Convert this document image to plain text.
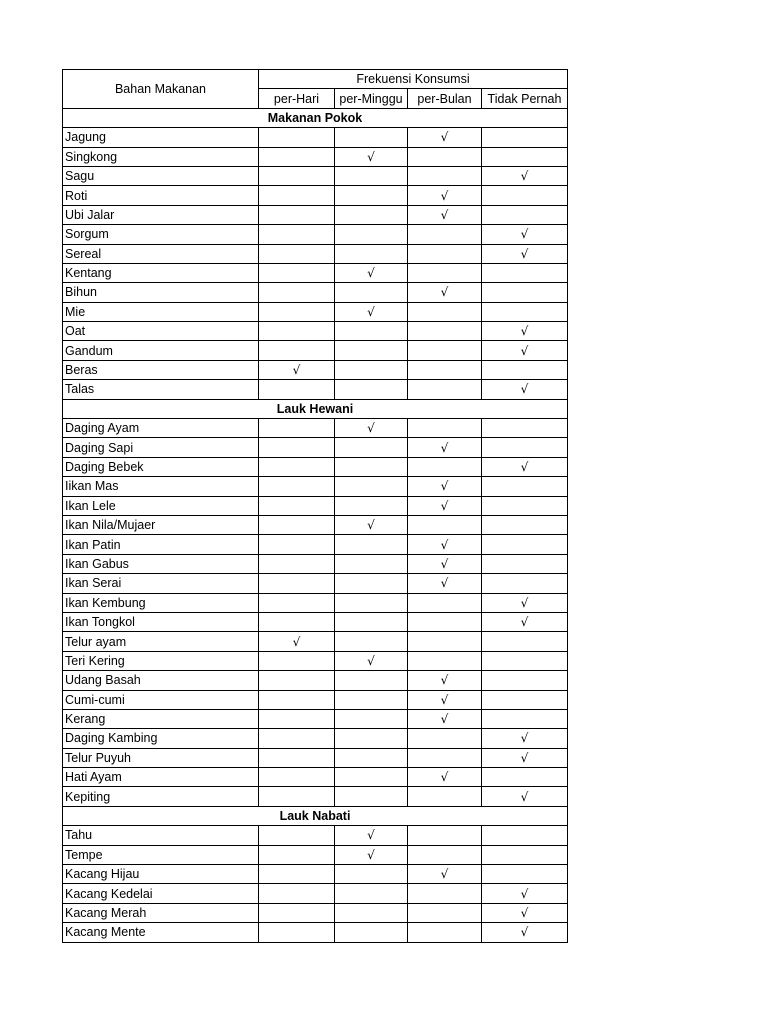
Bahan Makanan	Frekuensi Konsumsi			
	per-Hari	per-Minggu	per-Bulan	Tidak Pernah
Makanan Pokok				
Jagung			√	
Singkong		√		
Sagu				√
Roti			√	
Ubi Jalar			√	
Sorgum				√
Sereal				√
Kentang		√		
Bihun			√	
Mie		√		
Oat				√
Gandum				√
Beras	√			
Talas				√
Lauk Hewani				
Daging Ayam		√		
Daging Sapi			√	
Daging Bebek				√
Iikan Mas			√	
Ikan Lele			√	
Ikan Nila/Mujaer		√		
Ikan Patin			√	
Ikan Gabus			√	
Ikan Serai			√	
Ikan Kembung				√
Ikan Tongkol				√
Telur ayam	√			
Teri Kering		√		
Udang Basah			√	
Cumi-cumi			√	
Kerang			√	
Daging Kambing				√
Telur Puyuh				√
Hati Ayam			√	
Kepiting				√
Lauk Nabati				
Tahu		√		
Tempe		√		
Kacang Hijau			√	
Kacang Kedelai				√
Kacang Merah				√
Kacang Mente				√
